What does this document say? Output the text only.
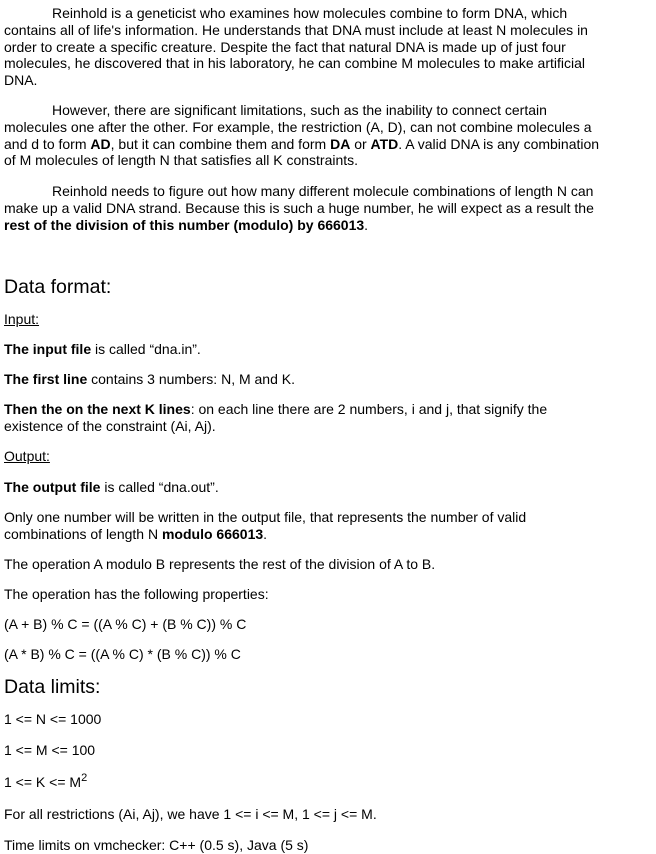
Reinhold is a geneticist who examines how molecules combine to form DNA, which
contains all of life's information. He understands that DNA must include at least N molecules in
order to create a specific creature. Despite the fact that natural DNA is made up of just four
molecules, he discovered that in his laboratory, he can combine M molecules to make artificial
DNA.
However, there are significant limitations, such as the inability to connect certain
molecules one after the other. For example, the restriction (A, D), can not combine molecules a
and d to form AD, but it can combine them and form DA or ATD. A valid DNA is any combination
of M molecules of length N that satisfies all K constraints.
Reinhold needs to figure out how many different molecule combinations of length N can
make up a valid DNA strand. Because this is such a huge number, he will expect as a result the
rest of the division of this number (modulo) by 666013.
Data format:
Input:
The input file is called “dna.in”.
The first line contains 3 numbers: N, M and K.
Then the on the next K lines: on each line there are 2 numbers, i and j, that signify the
existence of the constraint (Ai, Aj).
Output:
The output file is called “dna.out”.
Only one number will be written in the output file, that represents the number of valid
combinations of length N modulo 666013.
The operation A modulo B represents the rest of the division of A to B.
The operation has the following properties:
(A + B) % C = ((A % C) + (B % C)) % C
(A * B) % C = ((A % C) * (B % C)) % C
Data limits:
1 <= N <= 1000
1 <= M <= 100
$1 <= K <= M^2$
For all restrictions (Ai, Aj), we have 1 <= i <= M, 1 <= j <= M.
Time limits on vmchecker: C++ (0.5 s), Java (5 s)
